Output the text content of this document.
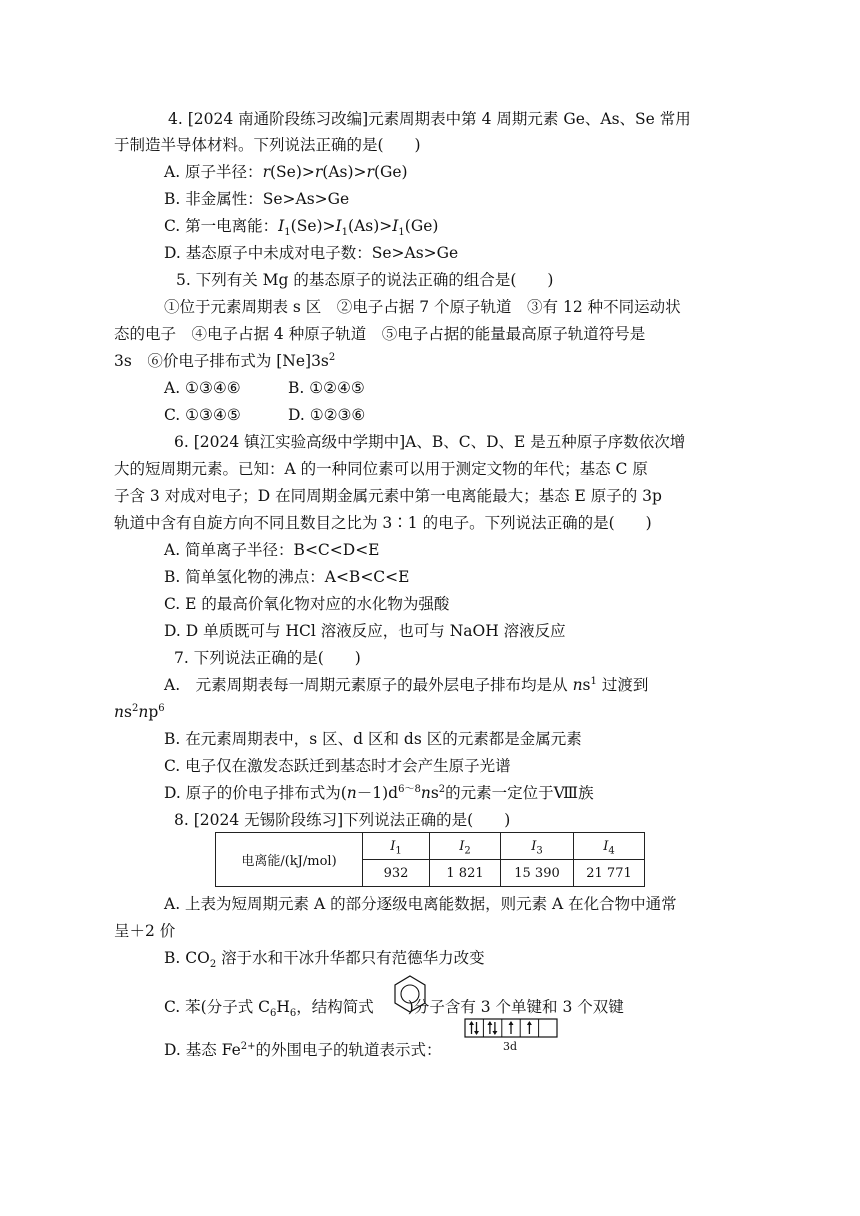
4. [2024 南通阶段练习改编]元素周期表中第 4 周期元素 Ge、As、Se 常用
于制造半导体材料。下列说法正确的是(　　)
A. 原子半径：r(Se)>r(As)>r(Ge)
B. 非金属性：Se>As>Ge
C. 第一电离能：$I_1(Se)>I_1(As)>I_1(Ge)$
D. 基态原子中未成对电子数：Se>As>Ge
5. 下列有关 Mg 的基态原子的说法正确的组合是(　　)
①位于元素周期表 s 区　②电子占据 7 个原子轨道　③有 12 种不同运动状
态的电子　④电子占据 4 种原子轨道　⑤电子占据的能量最高原子轨道符号是
3s　⑥价电子排布式为 $[Ne]3s^2$
A. ①③④⑥	B. ①②④⑤
C. ①③④⑤	D. ①②③⑥
6. [2024 镇江实验高级中学期中]A、B、C、D、E 是五种原子序数依次增
大的短周期元素。已知：A 的一种同位素可以用于测定文物的年代；基态 C 原
子含 3 对成对电子；D 在同周期金属元素中第一电离能最大；基态 E 原子的 3p
轨道中含有自旋方向不同且数目之比为 3∶1 的电子。下列说法正确的是(　　)
A. 简单离子半径：B<C<D<E
B. 简单氢化物的沸点：A<B<C<E
C. E 的最高价氧化物对应的水化物为强酸
D. D 单质既可与 HCl 溶液反应，也可与 NaOH 溶液反应
7. 下列说法正确的是(　　)
A.　元素周期表每一周期元素原子的最外层电子排布均是从 $ns^1$ 过渡到
$ns^2np^6$
B. 在元素周期表中，s 区、d 区和 ds 区的元素都是金属元素
C. 电子仅在激发态跃迁到基态时才会产生原子光谱
D. 原子的价电子排布式为$(n-1)d^{6\sim 8}ns^2$的元素一定位于Ⅷ族
8. [2024 无锡阶段练习]下列说法正确的是(　　)
电离能/(kJ/mol)	$I_1$	$I_2$	$I_3$	$I_4$
	932	1 821	15 390	21 771
A. 上表为短周期元素 A 的部分逐级电离能数据，则元素 A 在化合物中通常
呈＋2 价
B. $CO_2$ 溶于水和干冰升华都只有范德华力改变
C. 苯(分子式 $C_6H_6$，结构简式 )分子含有 3 个单键和 3 个双键
D. 基态 $Fe^{2+}$的外围电子的轨道表示式：	3d
